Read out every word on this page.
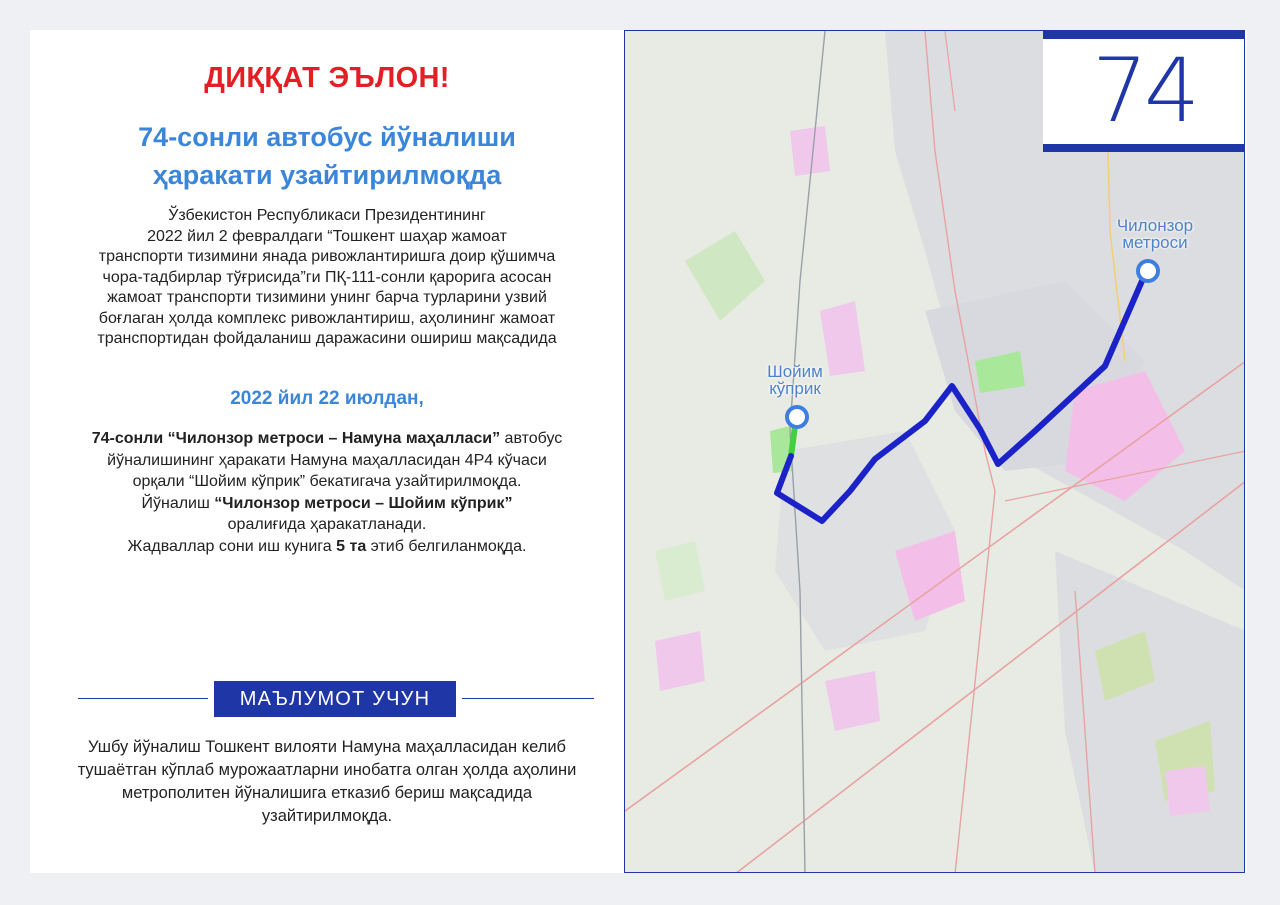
ДИҚҚАТ ЭЪЛОН!
74-сонли автобус йўналиши
ҳаракати узайтирилмоқда
Ўзбекистон Республикаси Президентининг
2022 йил 2 февралдаги “Тошкент шаҳар жамоат
транспорти тизимини янада ривожлантиришга доир қўшимча
чора-тадбирлар тўғрисида”ги ПҚ-111-сонли қарорига асосан
жамоат транспорти тизимини унинг барча турларини узвий
боғлаган ҳолда комплекс ривожлантириш, аҳолининг жамоат
транспортидан фойдаланиш даражасини ошириш мақсадида
2022 йил 22 июлдан,
74-сонли “Чилонзор метроси – Намуна маҳалласи” автобус
йўналишининг ҳаракати Намуна маҳалласидан 4Р4 кўчаси
орқали “Шойим кўприк” бекатигача узайтирилмоқда.
Йўналиш “Чилонзор метроси – Шойим кўприк”
оралиғида ҳаракатланади.
Жадваллар сони иш кунига 5 та этиб белгиланмоқда.
МАЪЛУМОТ УЧУН
Ушбу йўналиш Тошкент вилояти Намуна маҳалласидан келиб
тушаётган кўплаб мурожаатларни инобатга олган ҳолда аҳолини
метрополитен йўналишига етказиб бериш мақсадида
узайтирилмоқда.
Чилонзор
метроси
Шойим
кўприк
74
